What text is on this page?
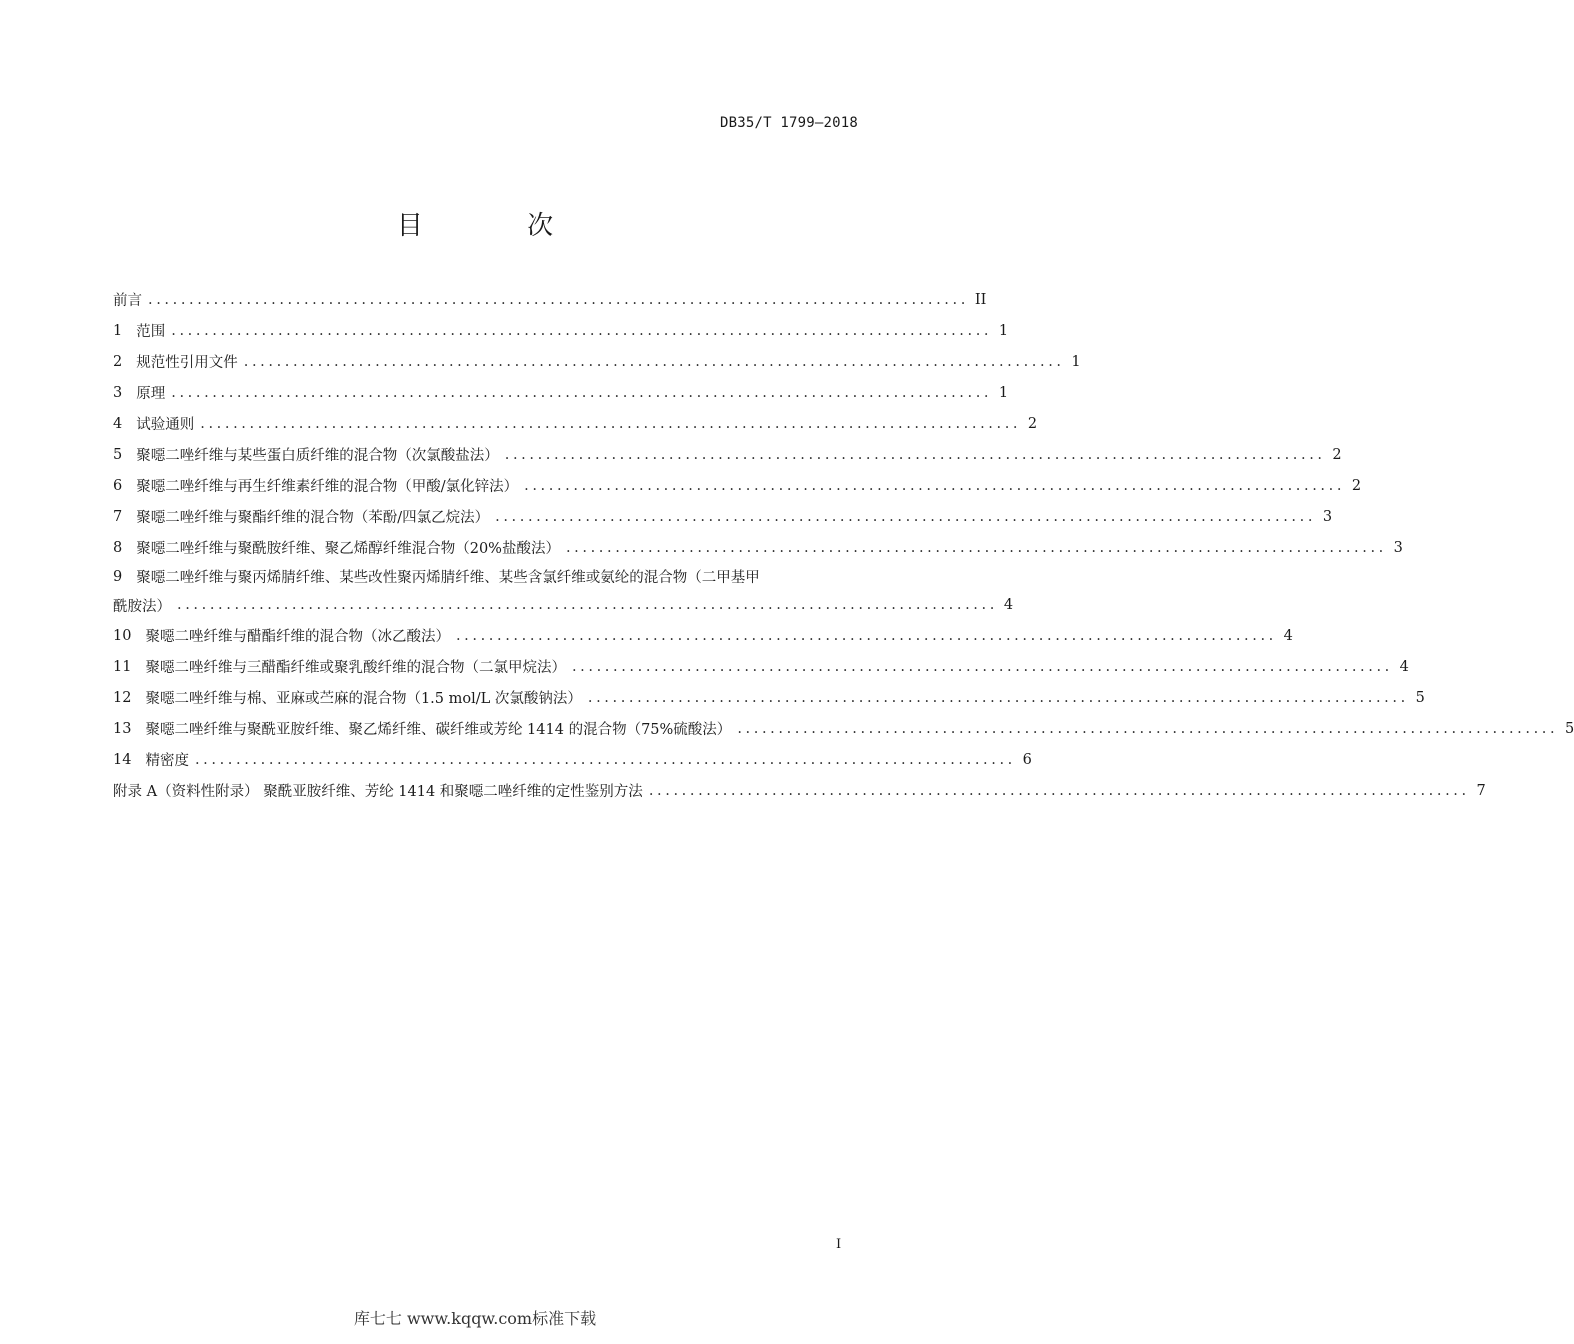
DB35/T 1799—2018
目 次
前言 .................................................................................................... II
1 范围 .................................................................................................... 1
2 规范性引用文件 .................................................................................................... 1
3 原理 .................................................................................................... 1
4 试验通则 .................................................................................................... 2
5 聚噁二唑纤维与某些蛋白质纤维的混合物（次氯酸盐法） .................................................................................................... 2
6 聚噁二唑纤维与再生纤维素纤维的混合物（甲酸/氯化锌法） .................................................................................................... 2
7 聚噁二唑纤维与聚酯纤维的混合物（苯酚/四氯乙烷法） .................................................................................................... 3
8 聚噁二唑纤维与聚酰胺纤维、聚乙烯醇纤维混合物（20%盐酸法） .................................................................................................... 3
9 聚噁二唑纤维与聚丙烯腈纤维、某些改性聚丙烯腈纤维、某些含氯纤维或氨纶的混合物（二甲基甲
酰胺法） .................................................................................................... 4
10 聚噁二唑纤维与醋酯纤维的混合物（冰乙酸法） .................................................................................................... 4
11 聚噁二唑纤维与三醋酯纤维或聚乳酸纤维的混合物（二氯甲烷法） .................................................................................................... 4
12 聚噁二唑纤维与棉、亚麻或苎麻的混合物（1.5 mol/L 次氯酸钠法） .................................................................................................... 5
13 聚噁二唑纤维与聚酰亚胺纤维、聚乙烯纤维、碳纤维或芳纶 1414 的混合物（75%硫酸法） .................................................................................................... 5
14 精密度 .................................................................................................... 6
附录 A（资料性附录） 聚酰亚胺纤维、芳纶 1414 和聚噁二唑纤维的定性鉴别方法 .................................................................................................... 7
I
库七七 www.kqqw.com标准下载
